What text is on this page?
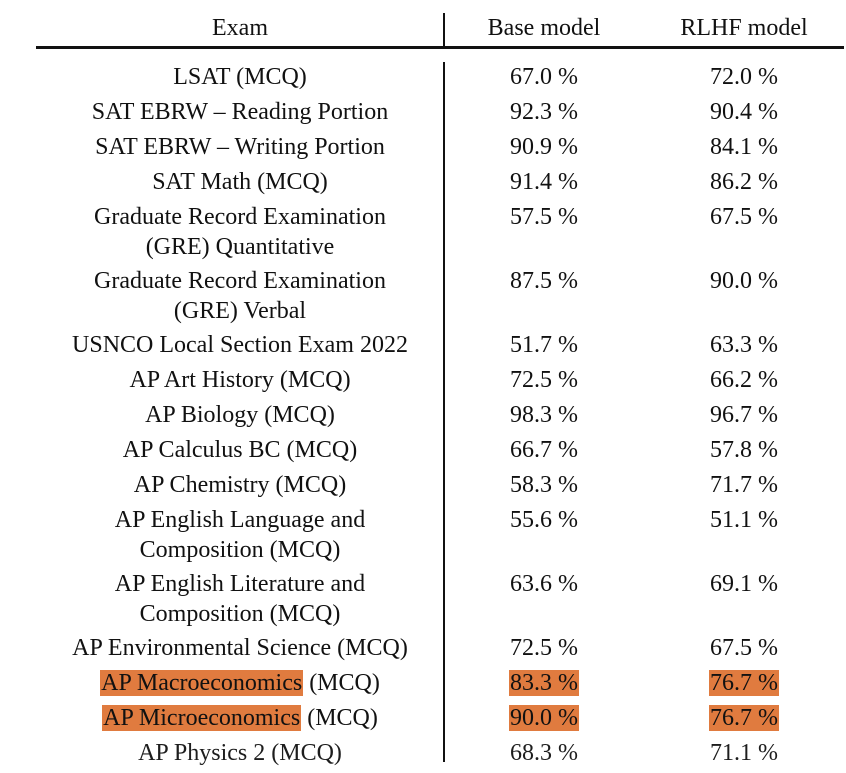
Exam	Base model	RLHF model
LSAT (MCQ)	67.0 %	72.0 %
SAT EBRW – Reading Portion	92.3 %	90.4 %
SAT EBRW – Writing Portion	90.9 %	84.1 %
SAT Math (MCQ)	91.4 %	86.2 %
Graduate Record Examination
(GRE) Quantitative
57.5 %	67.5 %
Graduate Record Examination
(GRE) Verbal
87.5 %	90.0 %
USNCO Local Section Exam 2022	51.7 %	63.3 %
AP Art History (MCQ)	72.5 %	66.2 %
AP Biology (MCQ)	98.3 %	96.7 %
AP Calculus BC (MCQ)	66.7 %	57.8 %
AP Chemistry (MCQ)	58.3 %	71.7 %
AP English Language and
Composition (MCQ)
55.6 %	51.1 %
AP English Literature and
Composition (MCQ)
63.6 %	69.1 %
AP Environmental Science (MCQ)	72.5 %	67.5 %
AP Macroeconomics (MCQ)	83.3 %	76.7 %
AP Microeconomics (MCQ)	90.0 %	76.7 %
AP Physics 2 (MCQ)	68.3 %	71.1 %
